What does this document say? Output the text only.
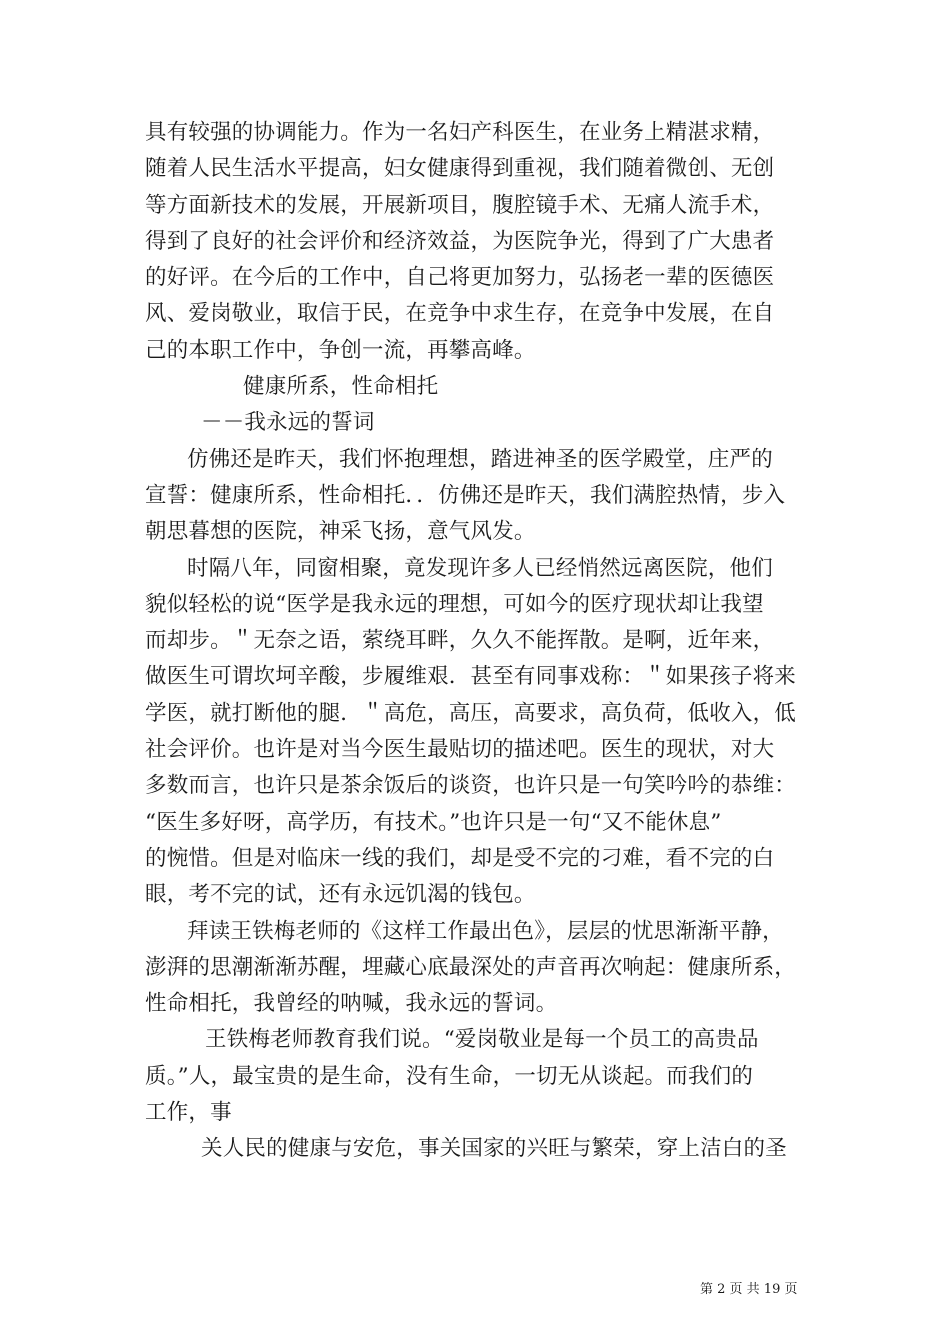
具有较强的协调能力。作为一名妇产科医生，在业务上精湛求精，
随着人民生活水平提高，妇女健康得到重视，我们随着微创、无创
等方面新技术的发展，开展新项目，腹腔镜手术、无痛人流手术，
得到了良好的社会评价和经济效益，为医院争光，得到了广大患者
的好评。在今后的工作中，自己将更加努力，弘扬老一辈的医德医
风、爱岗敬业，取信于民，在竞争中求生存，在竞争中发展，在自
己的本职工作中，争创一流，再攀高峰。
健康所系，性命相托
－－我永远的誓词
仿佛还是昨天，我们怀抱理想，踏进神圣的医学殿堂，庄严的
宣誓：健康所系，性命相托．．仿佛还是昨天，我们满腔热情，步入
朝思暮想的医院，神采飞扬，意气风发。
时隔八年，同窗相聚，竟发现许多人已经悄然远离医院，他们
貌似轻松的说“医学是我永远的理想，可如今的医疗现状却让我望
而却步。＂无奈之语，萦绕耳畔，久久不能挥散。是啊，近年来，
做医生可谓坎坷辛酸，步履维艰．甚至有同事戏称：＂如果孩子将来
学医，就打断他的腿．＂高危，高压，高要求，高负荷，低收入，低
社会评价。也许是对当今医生最贴切的描述吧。医生的现状，对大
多数而言，也许只是茶余饭后的谈资，也许只是一句笑吟吟的恭维：
“医生多好呀，高学历，有技术。”也许只是一句“又不能休息”
的惋惜。但是对临床一线的我们，却是受不完的刁难，看不完的白
眼，考不完的试，还有永远饥渴的钱包。
拜读王铁梅老师的《这样工作最出色》，层层的忧思渐渐平静，
澎湃的思潮渐渐苏醒，埋藏心底最深处的声音再次响起：健康所系，
性命相托，我曾经的呐喊，我永远的誓词。
王铁梅老师教育我们说。“爱岗敬业是每一个员工的高贵品
质。”人，最宝贵的是生命，没有生命，一切无从谈起。而我们的
工作，事
关人民的健康与安危，事关国家的兴旺与繁荣，穿上洁白的圣
第 2 页 共 19 页
